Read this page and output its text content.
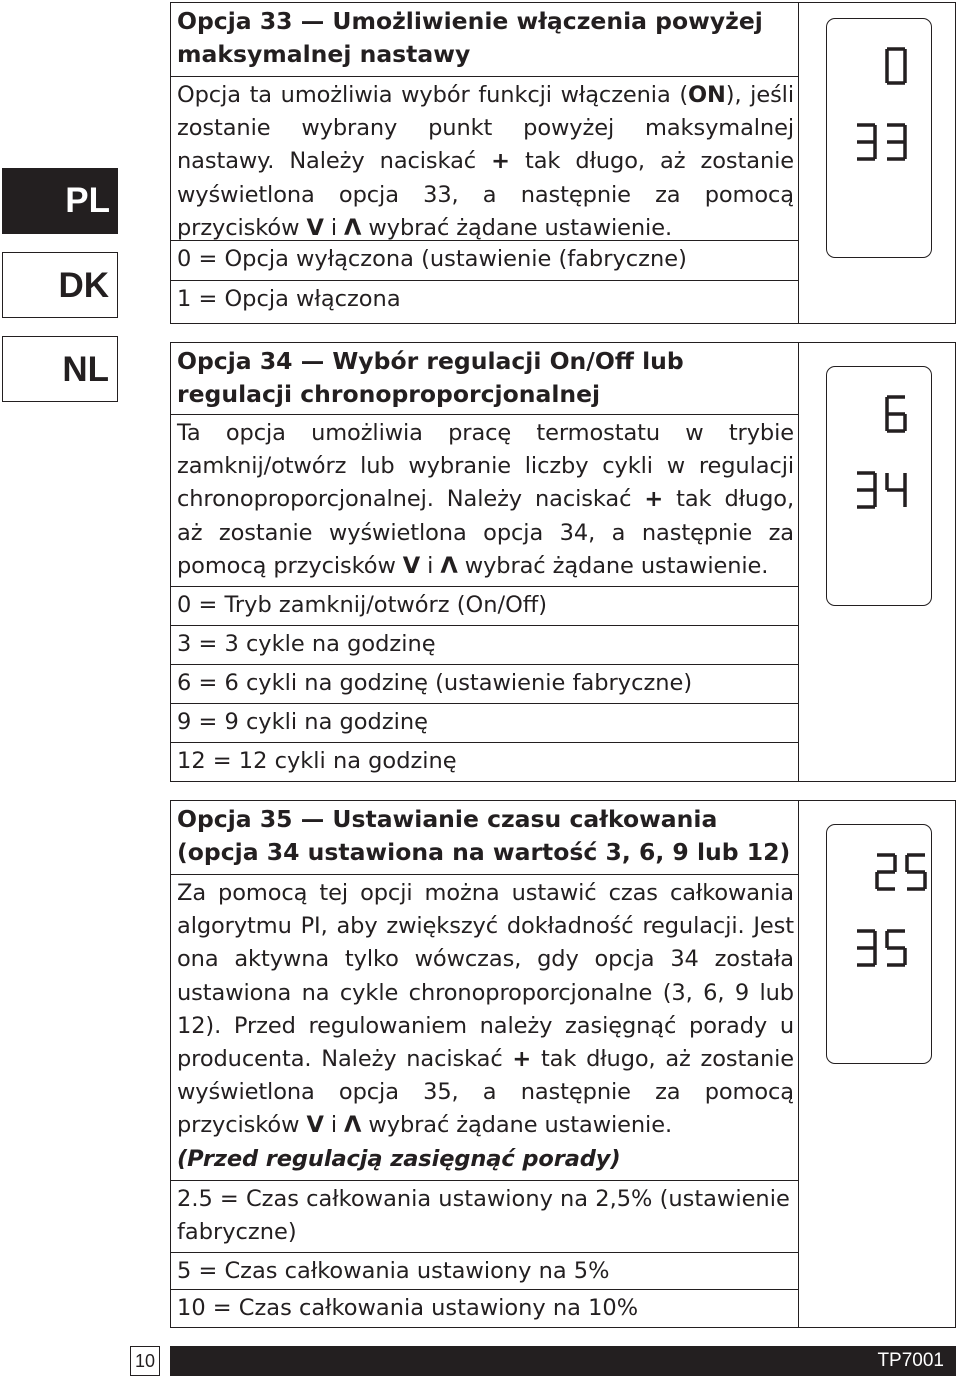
PL
DK
NL
Opcja 33 — Umożliwienie włączenia powyżej maksymalnej nastawy
Opcja ta umożliwia wybór funkcji włączenia (ON), jeśli zostanie wybrany punkt powyżej maksymalnej nastawy. Należy naciskać + tak długo, aż zostanie wyświetlona opcja 33, a następnie za pomocą przycisków V i Λ wybrać żądane ustawienie.
0 = Opcja wyłączona (ustawienie (fabryczne)
1 = Opcja włączona
Opcja 34 — Wybór regulacji On/Off lub regulacji chronoproporcjonalnej
Ta opcja umożliwia pracę termostatu w trybie zamknij/otwórz lub wybranie liczby cykli w regulacji chronoproporcjonalnej. Należy naciskać + tak długo, aż zostanie wyświetlona opcja 34, a następnie za pomocą przycisków V i Λ wybrać żądane ustawienie.
0 = Tryb zamknij/otwórz (On/Off)
3 = 3 cykle na godzinę
6 = 6 cykli na godzinę (ustawienie fabryczne)
9 = 9 cykli na godzinę
12 = 12 cykli na godzinę
Opcja 35 — Ustawianie czasu całkowania
(opcja 34 ustawiona na wartość 3, 6, 9 lub 12)
Za pomocą tej opcji można ustawić czas całkowania algorytmu PI, aby zwiększyć dokładność regulacji. Jest ona aktywna tylko wówczas, gdy opcja 34 została ustawiona na cykle chronoproporcjonalne (3, 6, 9 lub 12). Przed regulowaniem należy zasięgnąć porady u producenta. Należy naciskać + tak długo, aż zostanie wyświetlona opcja 35, a następnie za pomocą przycisków V i Λ wybrać żądane ustawienie.
(Przed regulacją zasięgnąć porady)
2.5 = Czas całkowania ustawiony na 2,5% (ustawienie fabryczne)
5 = Czas całkowania ustawiony na 5%
10 = Czas całkowania ustawiony na 10%
10	TP7001
